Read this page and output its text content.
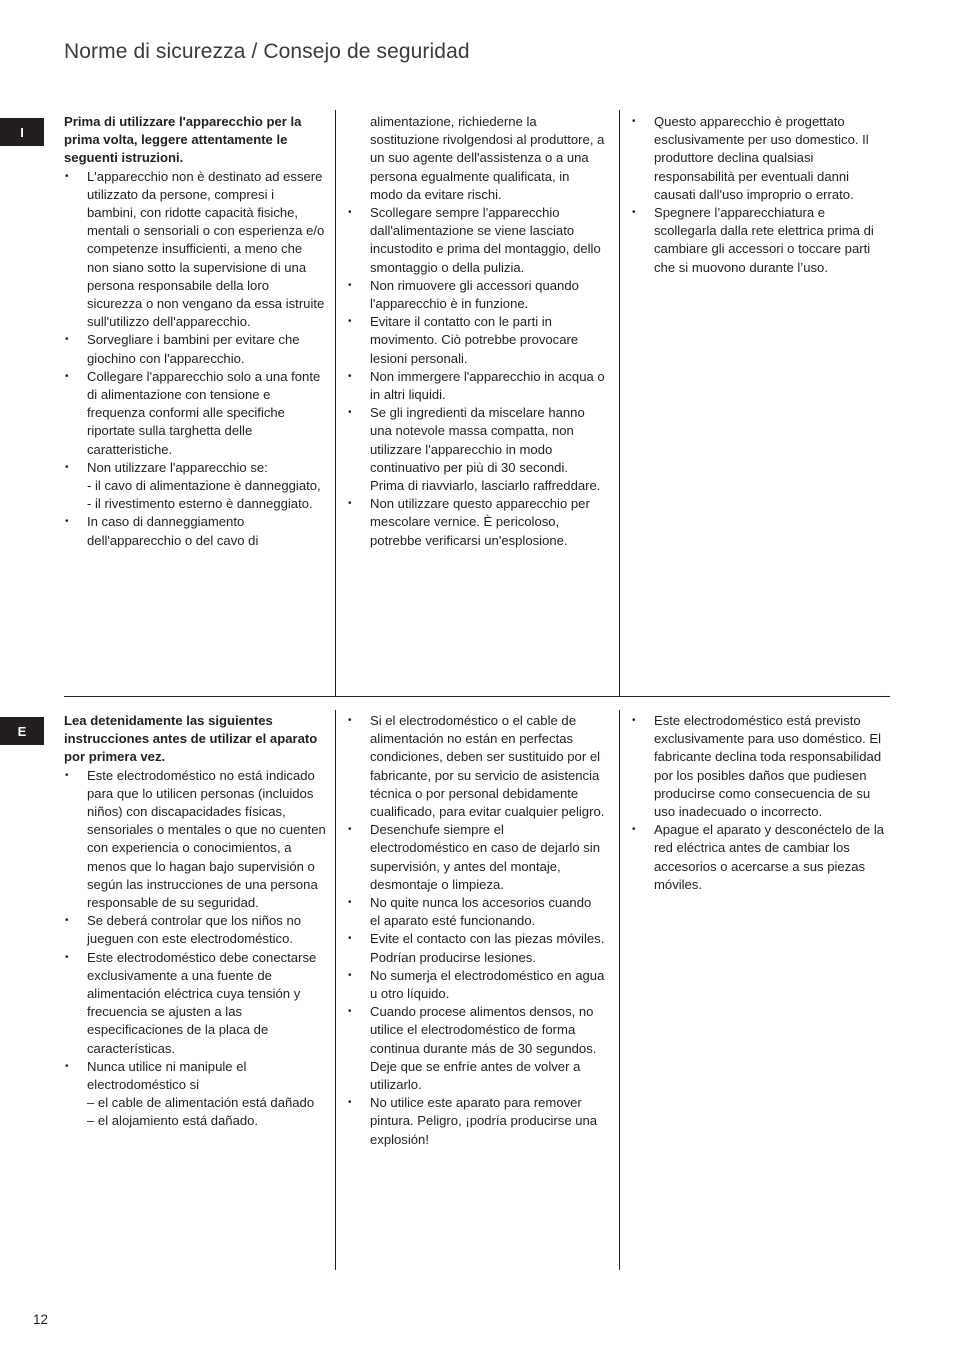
Norme di sicurezza / Consejo de seguridad
I

Prima di utilizzare l'apparecchio per la prima volta, leggere attentamente le seguenti istruzioni.

• L'apparecchio non è destinato ad essere utilizzato da persone, compresi i bambini, con ridotte capacità fisiche, mentali o sensoriali o con esperienza e/o competenze insufficienti, a meno che non siano sotto la supervisione di una persona responsabile della loro sicurezza o non vengano da essa istruite sull'utilizzo dell'apparecchio.
• Sorvegliare i bambini per evitare che giochino con l'apparecchio.
• Collegare l'apparecchio solo a una fonte di alimentazione con tensione e frequenza conformi alle specifiche riportate sulla targhetta delle caratteristiche.
• Non utilizzare l'apparecchio se:
- il cavo di alimentazione è danneggiato,
- il rivestimento esterno è danneggiato.
• In caso di danneggiamento dell'apparecchio o del cavo di

alimentazione, richiederne la sostituzione rivolgendosi al produttore, a un suo agente dell'assistenza o a una persona egualmente qualificata, in modo da evitare rischi.

• Scollegare sempre l'apparecchio dall'alimentazione se viene lasciato incustodito e prima del montaggio, dello smontaggio o della pulizia.
• Non rimuovere gli accessori quando l'apparecchio è in funzione.
• Evitare il contatto con le parti in movimento. Ciò potrebbe provocare lesioni personali.
• Non immergere l'apparecchio in acqua o in altri liquidi.
• Se gli ingredienti da miscelare hanno una notevole massa compatta, non utilizzare l'apparecchio in modo continuativo per più di 30 secondi. Prima di riavviarlo, lasciarlo raffreddare.
• Non utilizzare questo apparecchio per mescolare vernice. È pericoloso, potrebbe verificarsi un'esplosione.
• Questo apparecchio è progettato esclusivamente per uso domestico. Il produttore declina qualsiasi responsabilità per eventuali danni causati dall'uso improprio o errato.
• Spegnere l’apparecchiatura e scollegarla dalla rete elettrica prima di cambiare gli accessori o toccare parti che si muovono durante l’uso.
E

Lea detenidamente las siguientes instrucciones antes de utilizar el aparato por primera vez.

• Este electrodoméstico no está indicado para que lo utilicen personas (incluidos niños) con discapacidades físicas, sensoriales o mentales o que no cuenten con experiencia o conocimientos, a menos que lo hagan bajo supervisión o según las instrucciones de una persona responsable de su seguridad.
• Se deberá controlar que los niños no jueguen con este electrodoméstico.
• Este electrodoméstico debe conectarse exclusivamente a una fuente de alimentación eléctrica cuya tensión y frecuencia se ajusten a las especificaciones de la placa de características.
• Nunca utilice ni manipule el electrodoméstico si
– el cable de alimentación está dañado
– el alojamiento está dañado.
• Si el electrodoméstico o el cable de alimentación no están en perfectas condiciones, deben ser sustituido por el fabricante, por su servicio de asistencia técnica o por personal debidamente cualificado, para evitar cualquier peligro.
• Desenchufe siempre el electrodoméstico en caso de dejarlo sin supervisión, y antes del montaje, desmontaje o limpieza.
• No quite nunca los accesorios cuando el aparato esté funcionando.
• Evite el contacto con las piezas móviles. Podrían producirse lesiones.
• No sumerja el electrodoméstico en agua u otro líquido.
• Cuando procese alimentos densos, no utilice el electrodoméstico de forma continua durante más de 30 segundos. Deje que se enfríe antes de volver a utilizarlo.
• No utilice este aparato para remover pintura. Peligro, ¡podría producirse una explosión!
• Este electrodoméstico está previsto exclusivamente para uso doméstico. El fabricante declina toda responsabilidad por los posibles daños que pudiesen producirse como consecuencia de su uso inadecuado o incorrecto.
• Apague el aparato y desconéctelo de la red eléctrica antes de cambiar los accesorios o acercarse a sus piezas móviles.
12
